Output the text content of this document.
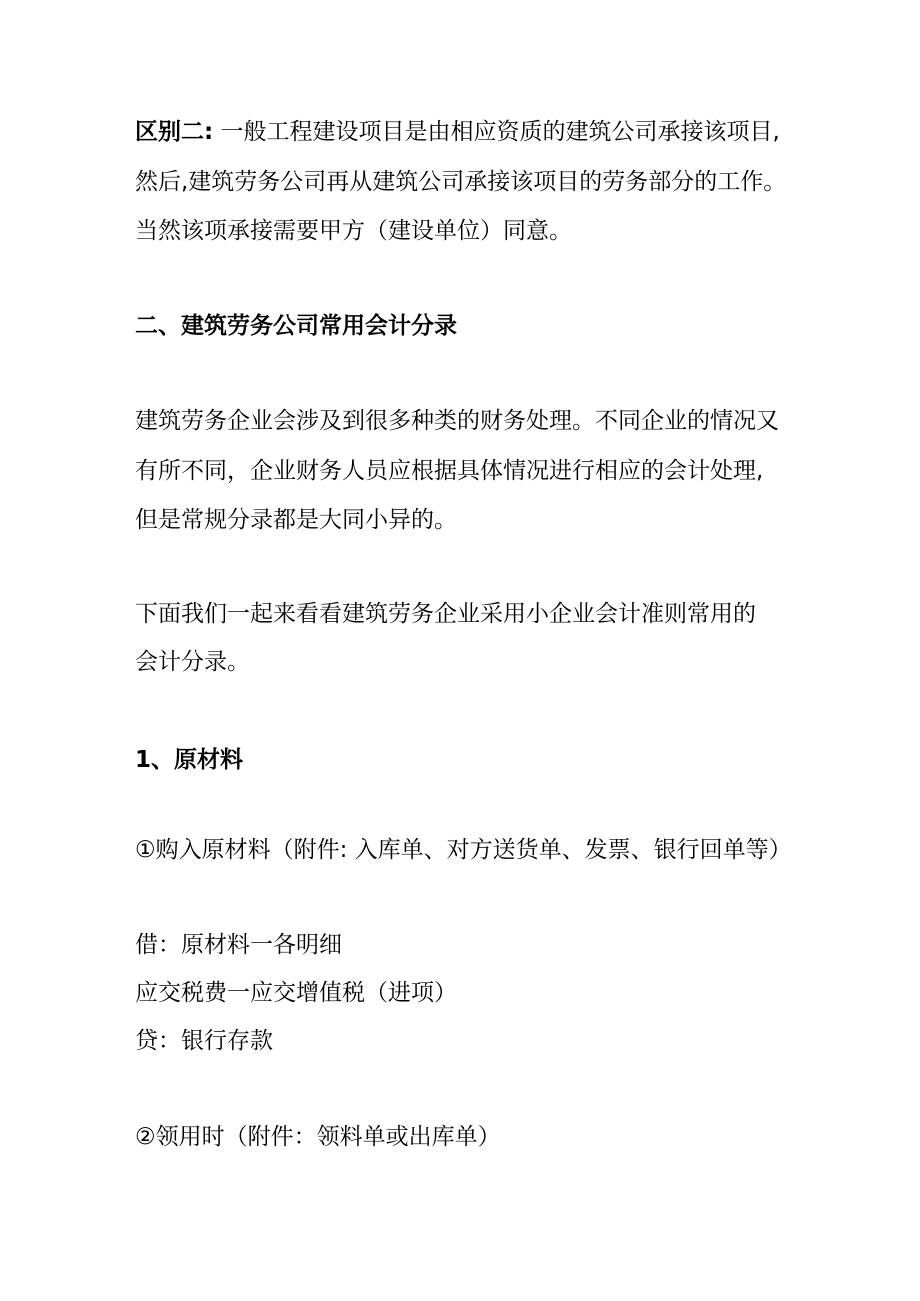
区别二: 一般工程建设项目是由相应资质的建筑公司承接该项目,
然后,建筑劳务公司再从建筑公司承接该项目的劳务部分的工作。
当然该项承接需要甲方（建设单位）同意。
二、建筑劳务公司常用会计分录
建筑劳务企业会涉及到很多种类的财务处理。不同企业的情况又
有所不同，企业财务人员应根据具体情况进行相应的会计处理,
但是常规分录都是大同小异的。
下面我们一起来看看建筑劳务企业采用小企业会计准则常用的
会计分录。
1、原材料
①购入原材料（附件: 入库单、对方送货单、发票、银行回单等）
借：原材料一各明细
应交税费一应交增值税（进项）
贷：银行存款
②领用时（附件：领料单或出库单）
